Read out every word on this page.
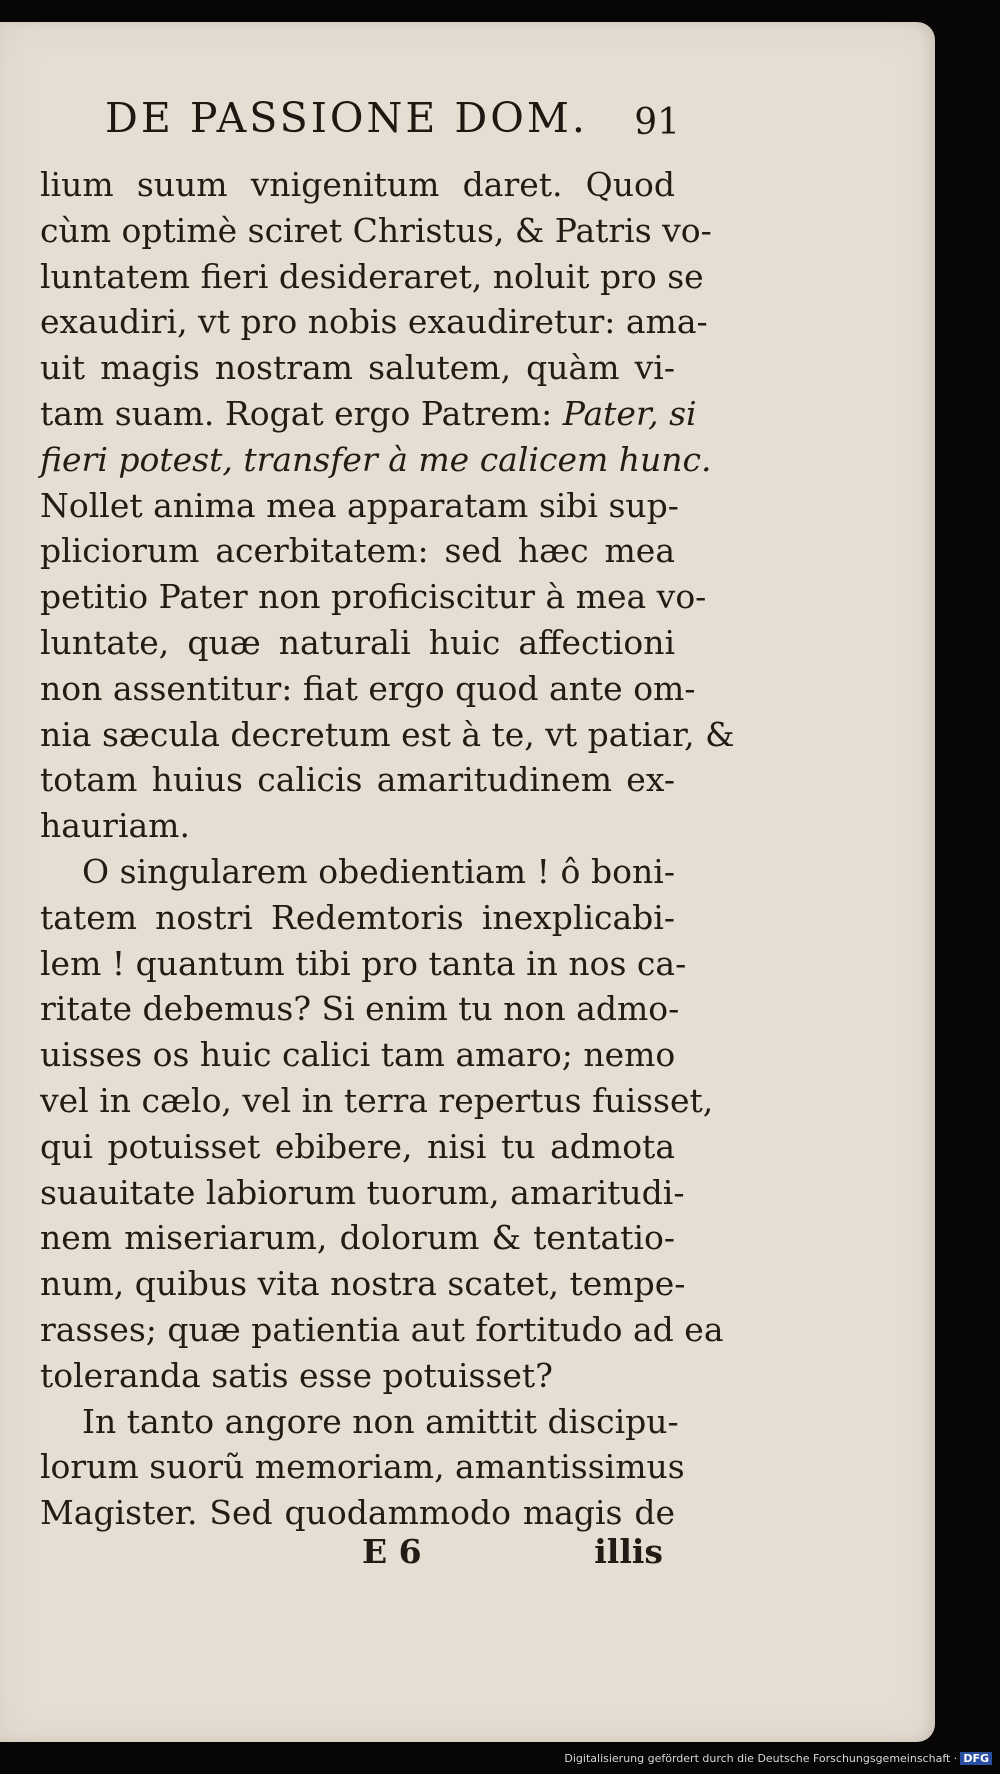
DE PASSIONE DOM. 91
lium suum vnigenitum daret. Quod
cùm optimè sciret Christus, & Patris vo-
luntatem fieri desideraret, noluit pro se
exaudiri, vt pro nobis exaudiretur: ama-
uit magis nostram salutem, quàm vi-
tam suam. Rogat ergo Patrem: Pater, si
fieri potest, transfer à me calicem hunc.
Nollet anima mea apparatam sibi sup-
pliciorum acerbitatem: sed hæc mea
petitio Pater non proficiscitur à mea vo-
luntate, quæ naturali huic affectioni
non assentitur: fiat ergo quod ante om-
nia sæcula decretum est à te, vt patiar, &
totam huius calicis amaritudinem ex-
hauriam.
O singularem obedientiam ! ô boni-
tatem nostri Redemtoris inexplicabi-
lem ! quantum tibi pro tanta in nos ca-
ritate debemus? Si enim tu non admo-
uisses os huic calici tam amaro; nemo
vel in cælo, vel in terra repertus fuisset,
qui potuisset ebibere, nisi tu admota
suauitate labiorum tuorum, amaritudi-
nem miseriarum, dolorum & tentatio-
num, quibus vita nostra scatet, tempe-
rasses; quæ patientia aut fortitudo ad ea
toleranda satis esse potuisset?
In tanto angore non amittit discipu-
lorum suorũ memoriam, amantissimus
Magister. Sed quodammodo magis de
E 6	illis
Digitalisierung gefördert durch die Deutsche Forschungsgemeinschaft · DFG
